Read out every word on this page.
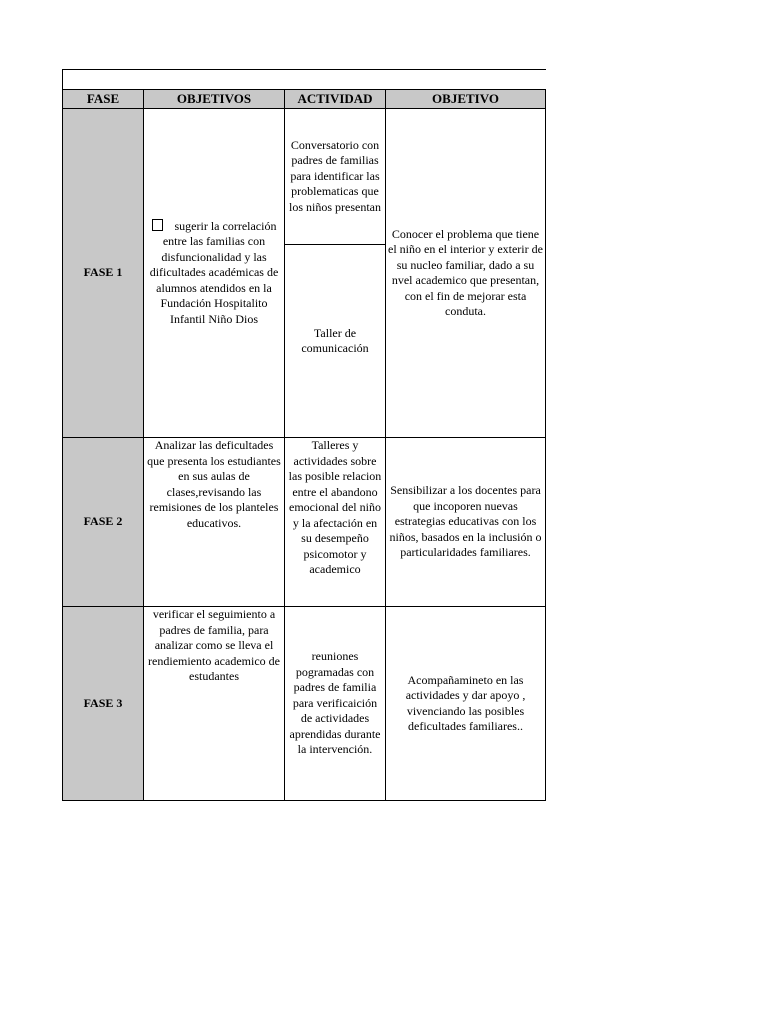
FASE	OBJETIVOS	ACTIVIDAD	OBJETIVO
FASE 1	sugerir la correlación entre las familias con disfuncionalidad y las dificultades académicas de alumnos atendidos en la Fundación Hospitalito Infantil Niño Dios	Conversatorio con padres de familias para identificar las problematicas que los niños presentan	Conocer el problema que tiene el niño en el interior y exterir de su nucleo familiar, dado a su nvel academico que presentan, con el fin de mejorar esta conduta.
		Taller de comunicación	
FASE 2	Analizar las deficultades que presenta los estudiantes en sus aulas de clases,revisando las remisiones de los planteles educativos.	Talleres y actividades sobre las posible relacion entre el abandono emocional del niño y la afectación en su desempeño psicomotor y academico	Sensibilizar a los docentes para que incoporen nuevas estrategias educativas con los niños, basados en la inclusión o particularidades familiares.
FASE 3	verificar el seguimiento a padres de familia, para analizar como se lleva el rendiemiento academico de estudantes	reuniones pogramadas con padres de familia para verificaición de actividades aprendidas durante la intervención.	Acompañamineto en las actividades y dar apoyo , vivenciando las posibles deficultades familiares..
